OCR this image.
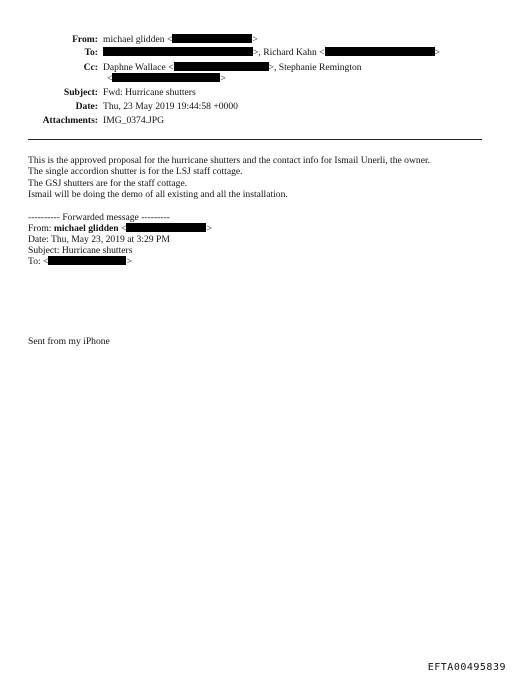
From: michael glidden <	>
To:	>, Richard Kahn <	>
Cc: Daphne Wallace <	>, Stephanie Remington
<	>
Subject: Fwd: Hurricane shutters
Date: Thu, 23 May 2019 19:44:58 +0000
Attachments: IMG_0374.JPG
This is the approved proposal for the hurricane shutters and the contact info for Ismail Unerli, the owner.
The single accordion shutter is for the LSJ staff cottage.
The GSJ shutters are for the staff cottage.
Ismail will be doing the demo of all existing and all the installation.
---------- Forwarded message ---------
From: michael glidden <	>
Date: Thu, May 23, 2019 at 3:29 PM
Subject: Hurricane shutters
To: <	>
Sent from my iPhone
EFTA00495839
